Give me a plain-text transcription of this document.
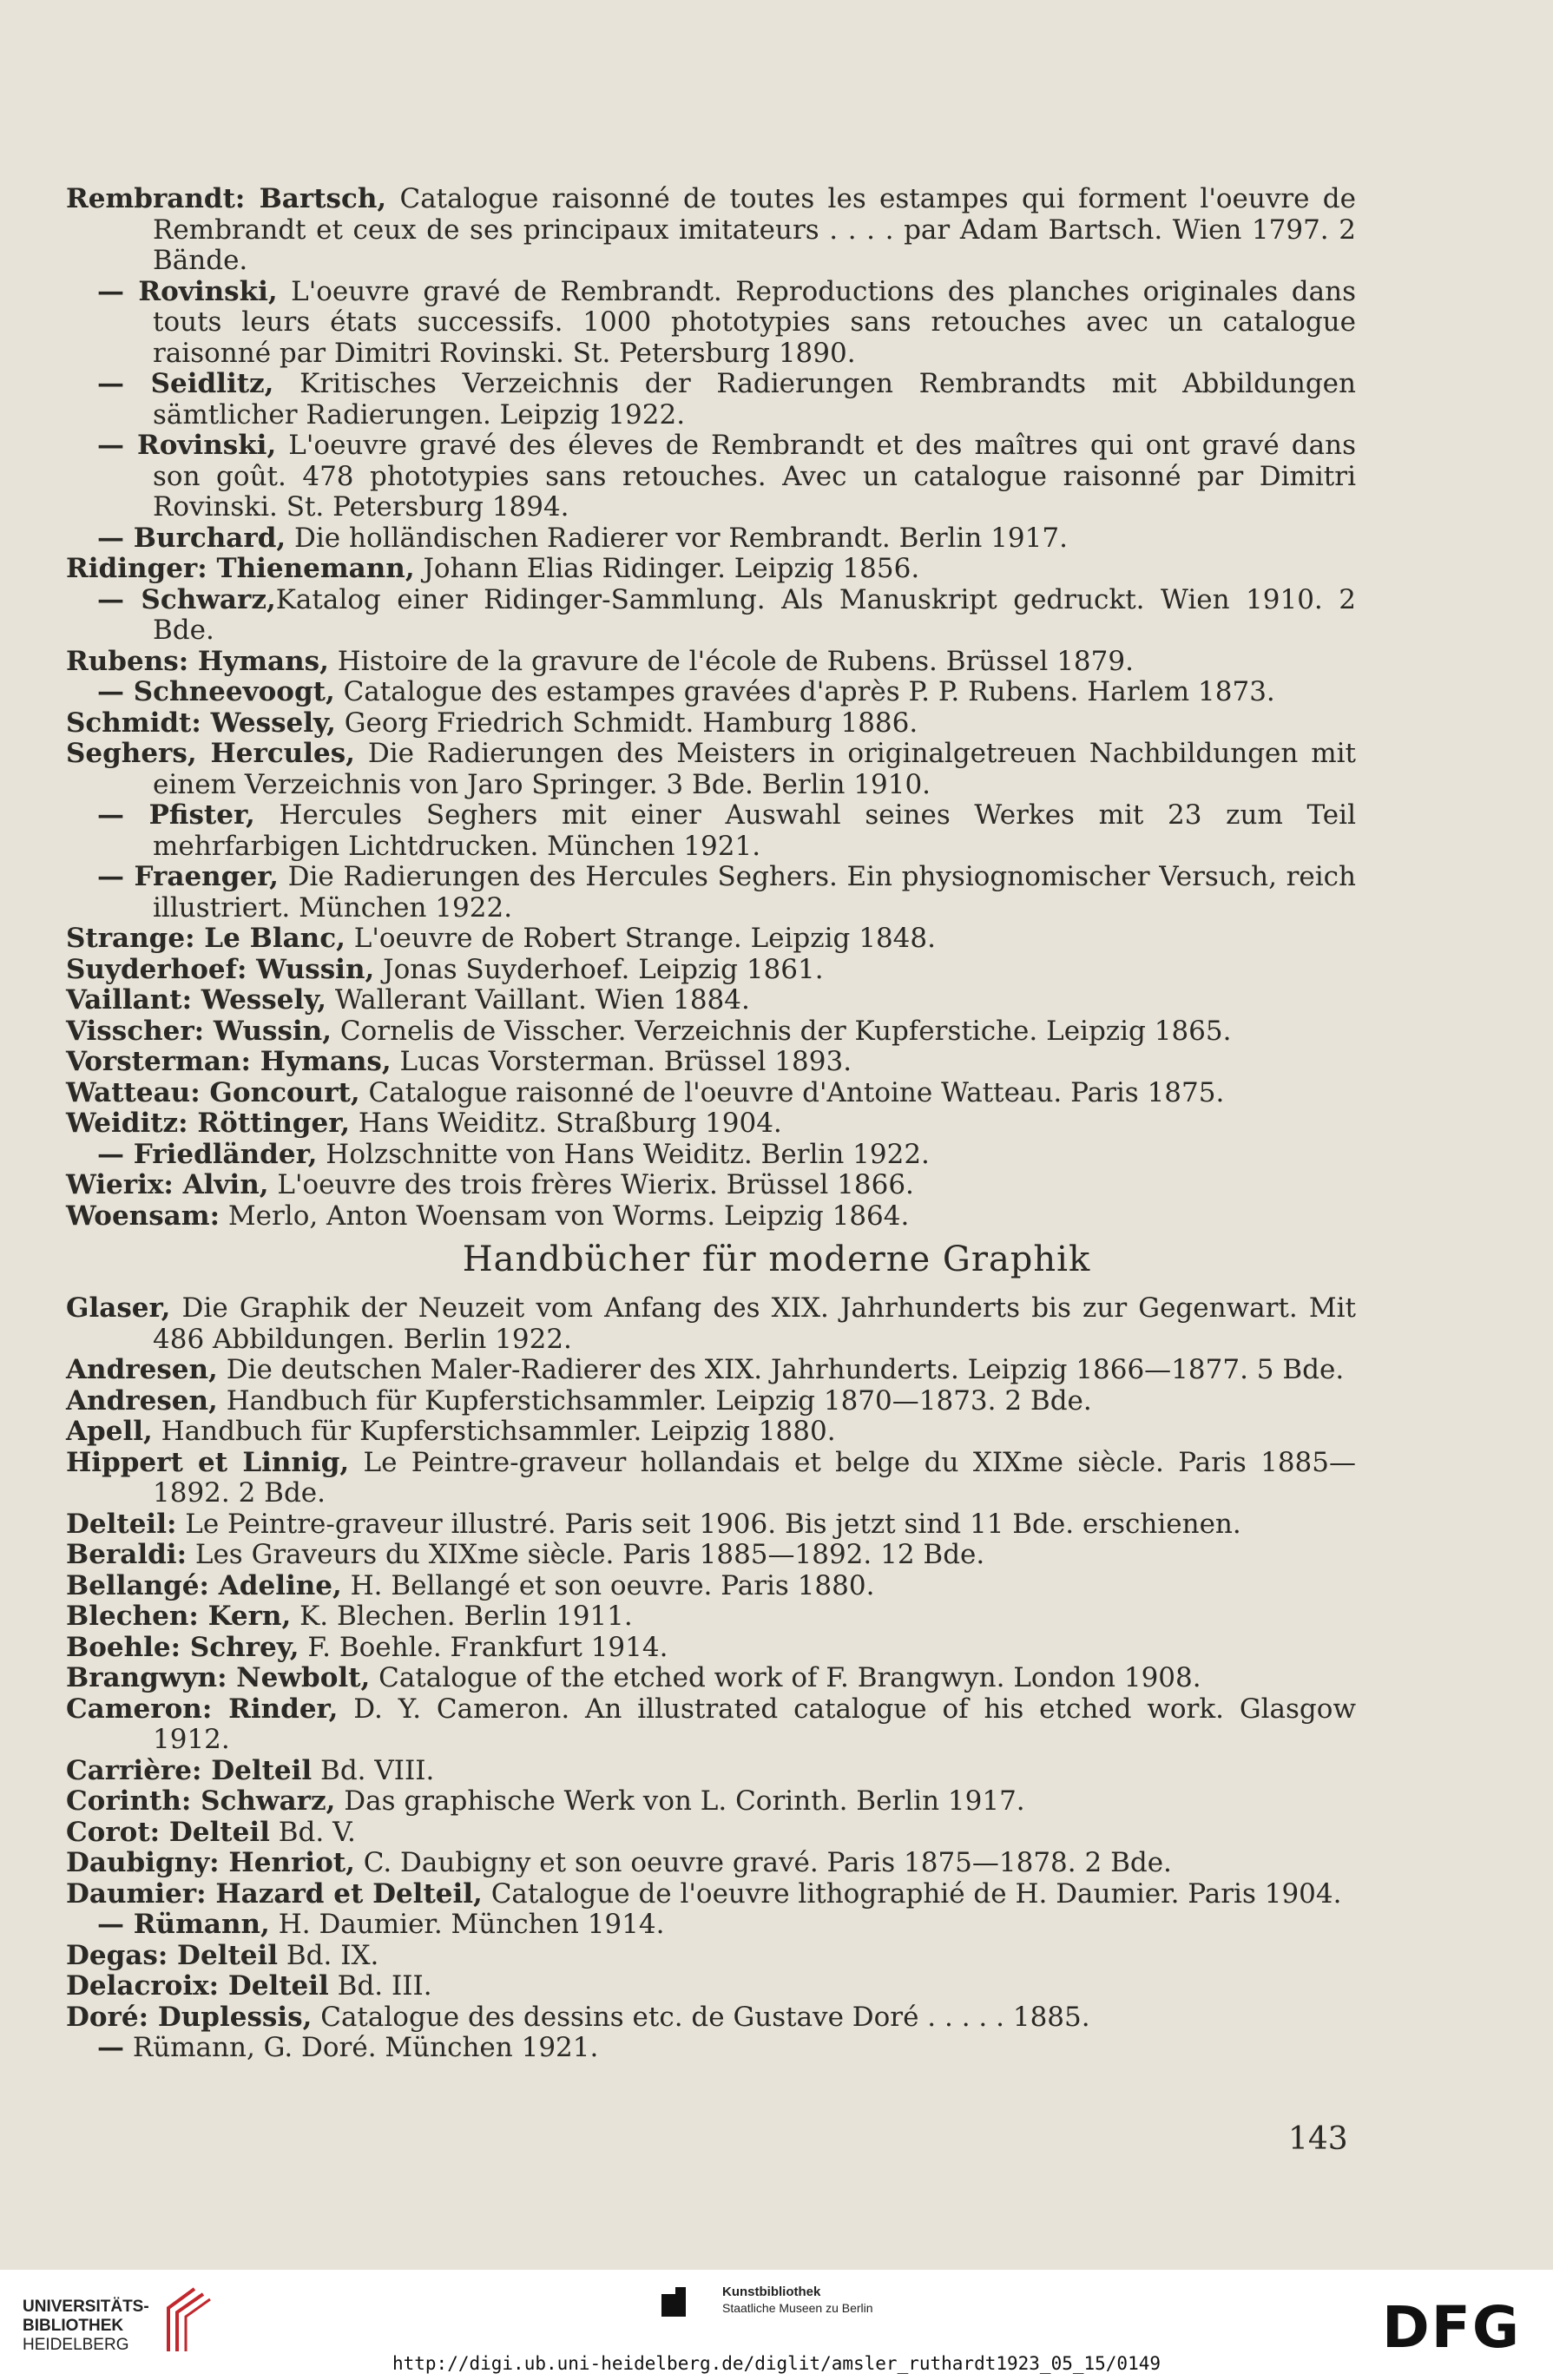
Rembrandt: Bartsch, Catalogue raisonné de toutes les estampes qui forment l'oeuvre de Rembrandt et ceux de ses principaux imitateurs . . . . par Adam Bartsch. Wien 1797. 2 Bände.
— Rovinski, L'oeuvre gravé de Rembrandt. Reproductions des planches originales dans touts leurs états successifs. 1000 phototypies sans retouches avec un catalogue raisonné par Dimitri Rovinski. St. Petersburg 1890.
— Seidlitz, Kritisches Verzeichnis der Radierungen Rembrandts mit Abbildungen sämtlicher Radierungen. Leipzig 1922.
— Rovinski, L'oeuvre gravé des éleves de Rembrandt et des maîtres qui ont gravé dans son goût. 478 phototypies sans retouches. Avec un catalogue raisonné par Dimitri Rovinski. St. Petersburg 1894.
— Burchard, Die holländischen Radierer vor Rembrandt. Berlin 1917.
Ridinger: Thienemann, Johann Elias Ridinger. Leipzig 1856.
— Schwarz,Katalog einer Ridinger-Sammlung. Als Manuskript gedruckt. Wien 1910. 2 Bde.
Rubens: Hymans, Histoire de la gravure de l'école de Rubens. Brüssel 1879.
— Schneevoogt, Catalogue des estampes gravées d'après P. P. Rubens. Harlem 1873.
Schmidt: Wessely, Georg Friedrich Schmidt. Hamburg 1886.
Seghers, Hercules, Die Radierungen des Meisters in originalgetreuen Nachbildungen mit einem Verzeichnis von Jaro Springer. 3 Bde. Berlin 1910.
— Pfister, Hercules Seghers mit einer Auswahl seines Werkes mit 23 zum Teil mehrfarbigen Lichtdrucken. München 1921.
— Fraenger, Die Radierungen des Hercules Seghers. Ein physiognomischer Versuch, reich illustriert. München 1922.
Strange: Le Blanc, L'oeuvre de Robert Strange. Leipzig 1848.
Suyderhoef: Wussin, Jonas Suyderhoef. Leipzig 1861.
Vaillant: Wessely, Wallerant Vaillant. Wien 1884.
Visscher: Wussin, Cornelis de Visscher. Verzeichnis der Kupferstiche. Leipzig 1865.
Vorsterman: Hymans, Lucas Vorsterman. Brüssel 1893.
Watteau: Goncourt, Catalogue raisonné de l'oeuvre d'Antoine Watteau. Paris 1875.
Weiditz: Röttinger, Hans Weiditz. Straßburg 1904.
— Friedländer, Holzschnitte von Hans Weiditz. Berlin 1922.
Wierix: Alvin, L'oeuvre des trois frères Wierix. Brüssel 1866.
Woensam: Merlo, Anton Woensam von Worms. Leipzig 1864.
Handbücher für moderne Graphik
Glaser, Die Graphik der Neuzeit vom Anfang des XIX. Jahrhunderts bis zur Gegenwart. Mit 486 Abbildungen. Berlin 1922.
Andresen, Die deutschen Maler-Radierer des XIX. Jahrhunderts. Leipzig 1866—1877. 5 Bde.
Andresen, Handbuch für Kupferstichsammler. Leipzig 1870—1873. 2 Bde.
Apell, Handbuch für Kupferstichsammler. Leipzig 1880.
Hippert et Linnig, Le Peintre-graveur hollandais et belge du XIXme siècle. Paris 1885—1892. 2 Bde.
Delteil: Le Peintre-graveur illustré. Paris seit 1906. Bis jetzt sind 11 Bde. erschienen.
Beraldi: Les Graveurs du XIXme siècle. Paris 1885—1892. 12 Bde.
Bellangé: Adeline, H. Bellangé et son oeuvre. Paris 1880.
Blechen: Kern, K. Blechen. Berlin 1911.
Boehle: Schrey, F. Boehle. Frankfurt 1914.
Brangwyn: Newbolt, Catalogue of the etched work of F. Brangwyn. London 1908.
Cameron: Rinder, D. Y. Cameron. An illustrated catalogue of his etched work. Glasgow 1912.
Carrière: Delteil Bd. VIII.
Corinth: Schwarz, Das graphische Werk von L. Corinth. Berlin 1917.
Corot: Delteil Bd. V.
Daubigny: Henriot, C. Daubigny et son oeuvre gravé. Paris 1875—1878. 2 Bde.
Daumier: Hazard et Delteil, Catalogue de l'oeuvre lithographié de H. Daumier. Paris 1904.
— Rümann, H. Daumier. München 1914.
Degas: Delteil Bd. IX.
Delacroix: Delteil Bd. III.
Doré: Duplessis, Catalogue des dessins etc. de Gustave Doré . . . . . 1885.
— Rümann, G. Doré. München 1921.
143
UNIVERSITÄTS-
BIBLIOTHEK
HEIDELBERG
Kunstbibliothek
Staatliche Museen zu Berlin	DFG
http://digi.ub.uni-heidelberg.de/diglit/amsler_ruthardt1923_05_15/0149
